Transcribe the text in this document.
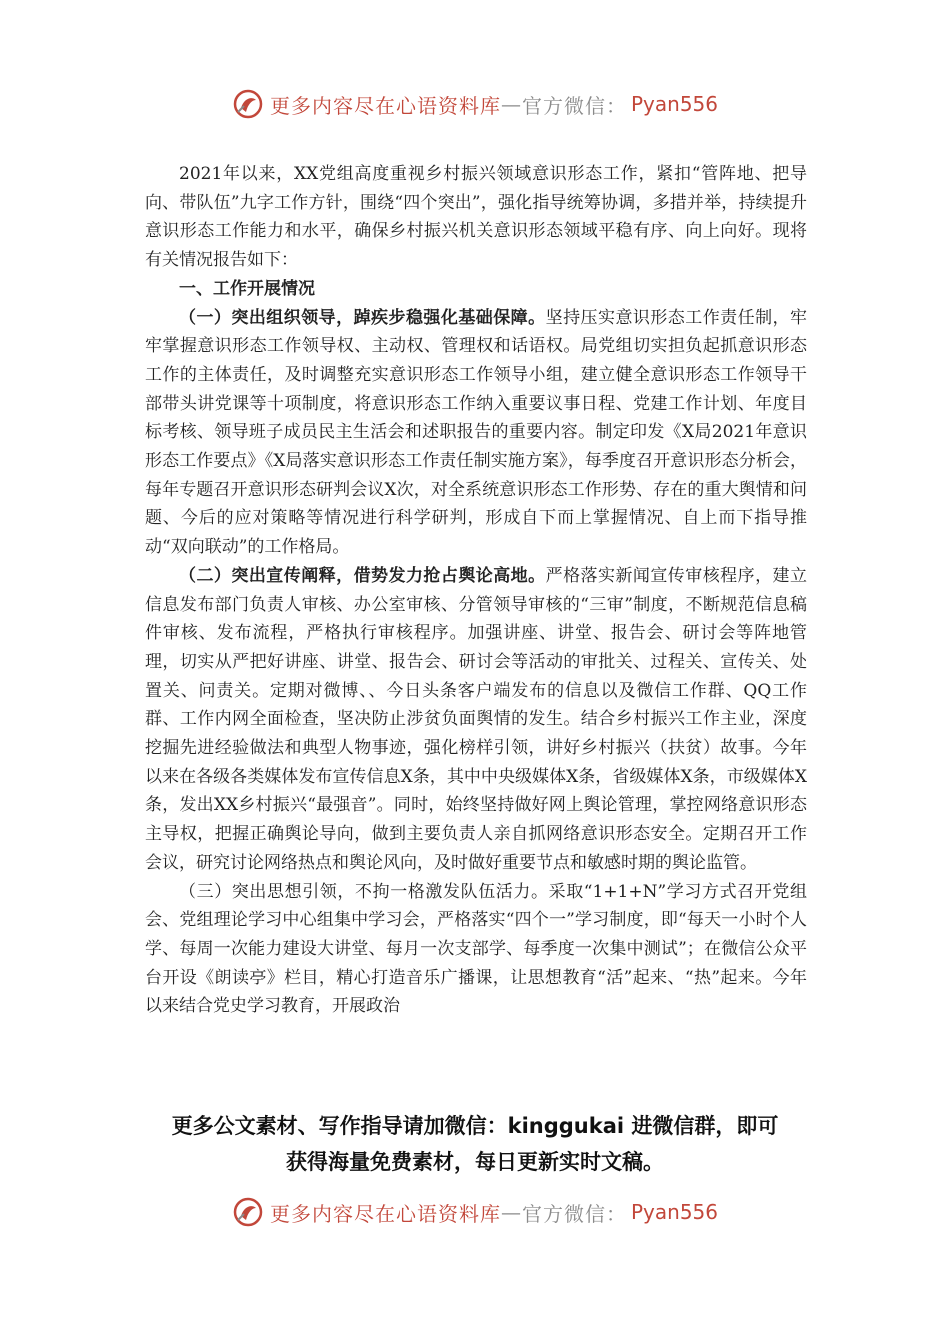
更多内容尽在心语资料库 — 官方微信： Pyan556

2021年以来，XX党组高度重视乡村振兴领域意识形态工作，紧扣“管阵地、把导向、带队伍”九字工作方针，围绕“四个突出”，强化指导统筹协调，多措并举，持续提升意识形态工作能力和水平，确保乡村振兴机关意识形态领域平稳有序、向上向好。现将有关情况报告如下：

一、工作开展情况

（一）突出组织领导，踔疾步稳强化基础保障。坚持压实意识形态工作责任制，牢牢掌握意识形态工作领导权、主动权、管理权和话语权。局党组切实担负起抓意识形态工作的主体责任，及时调整充实意识形态工作领导小组，建立健全意识形态工作领导干部带头讲党课等十项制度，将意识形态工作纳入重要议事日程、党建工作计划、年度目标考核、领导班子成员民主生活会和述职报告的重要内容。制定印发《X局2021年意识形态工作要点》《X局落实意识形态工作责任制实施方案》，每季度召开意识形态分析会，每年专题召开意识形态研判会议X次，对全系统意识形态工作形势、存在的重大舆情和问题、今后的应对策略等情况进行科学研判，形成自下而上掌握情况、自上而下指导推动“双向联动”的工作格局。

（二）突出宣传阐释，借势发力抢占舆论高地。严格落实新闻宣传审核程序，建立信息发布部门负责人审核、办公室审核、分管领导审核的“三审”制度，不断规范信息稿件审核、发布流程，严格执行审核程序。加强讲座、讲堂、报告会、研讨会等阵地管理，切实从严把好讲座、讲堂、报告会、研讨会等活动的审批关、过程关、宣传关、处置关、问责关。定期对微博、、今日头条客户端发布的信息以及微信工作群、QQ工作群、工作内网全面检查，坚决防止涉贫负面舆情的发生。结合乡村振兴工作主业，深度挖掘先进经验做法和典型人物事迹，强化榜样引领，讲好乡村振兴（扶贫）故事。今年以来在各级各类媒体发布宣传信息X条，其中中央级媒体X条，省级媒体X条，市级媒体X条，发出XX乡村振兴“最强音”。同时，始终坚持做好网上舆论管理，掌控网络意识形态主导权，把握正确舆论导向，做到主要负责人亲自抓网络意识形态安全。定期召开工作会议，研究讨论网络热点和舆论风向，及时做好重要节点和敏感时期的舆论监管。

（三）突出思想引领，不拘一格激发队伍活力。采取“1+1+N”学习方式召开党组会、党组理论学习中心组集中学习会，严格落实“四个一”学习制度，即“每天一小时个人学、每周一次能力建设大讲堂、每月一次支部学、每季度一次集中测试”；在微信公众平台开设《朗读亭》栏目，精心打造音乐广播课，让思想教育“活”起来、“热”起来。今年以来结合党史学习教育，开展政治

更多公文素材、写作指导请加微信：kinggukai 进微信群，即可
获得海量免费素材，每日更新实时文稿。
更多内容尽在心语资料库 — 官方微信： Pyan556
